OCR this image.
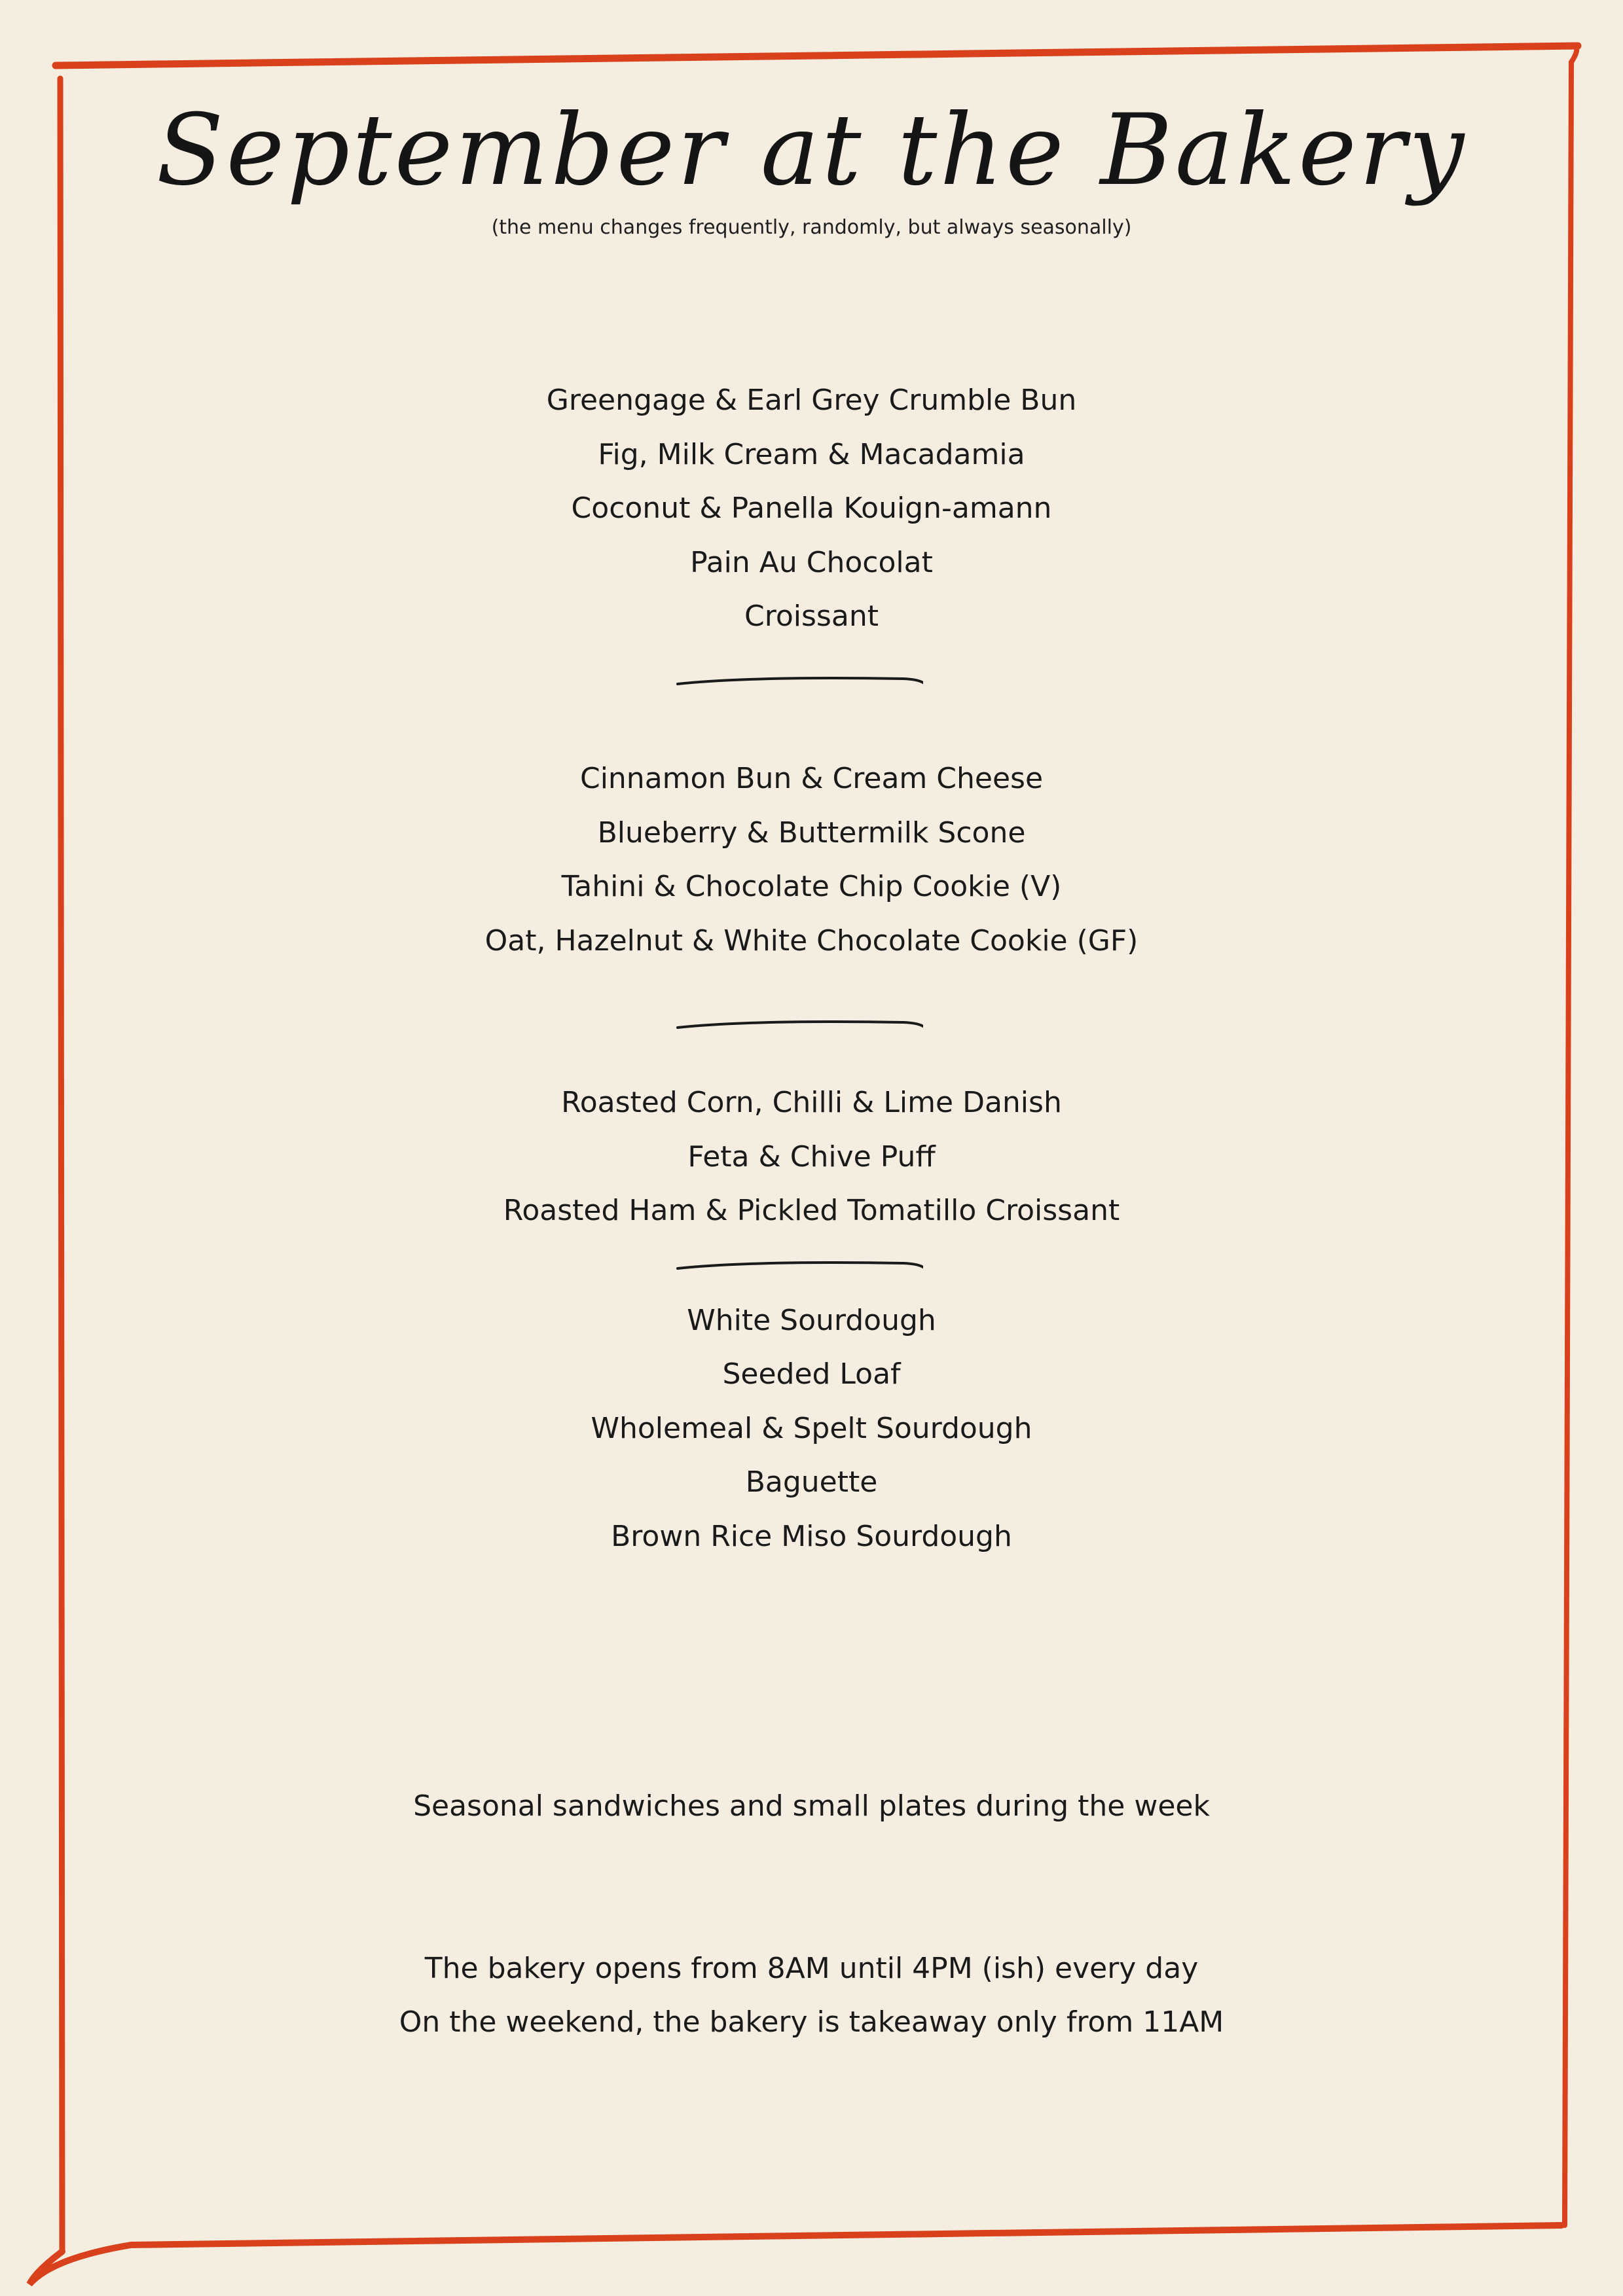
September at the Bakery

(the menu changes frequently, randomly, but always seasonally)

Greengage & Earl Grey Crumble Bun

Fig, Milk Cream & Macadamia

Coconut & Panella Kouign-amann

Pain Au Chocolat

Croissant

Cinnamon Bun & Cream Cheese

Blueberry & Buttermilk Scone

Tahini & Chocolate Chip Cookie (V)

Oat, Hazelnut & White Chocolate Cookie (GF)

Roasted Corn, Chilli & Lime Danish

Feta & Chive Puff

Roasted Ham & Pickled Tomatillo Croissant

White Sourdough

Seeded Loaf

Wholemeal & Spelt Sourdough

Baguette

Brown Rice Miso Sourdough

Seasonal sandwiches and small plates during the week

The bakery opens from 8AM until 4PM (ish) every day

On the weekend, the bakery is takeaway only from 11AM
